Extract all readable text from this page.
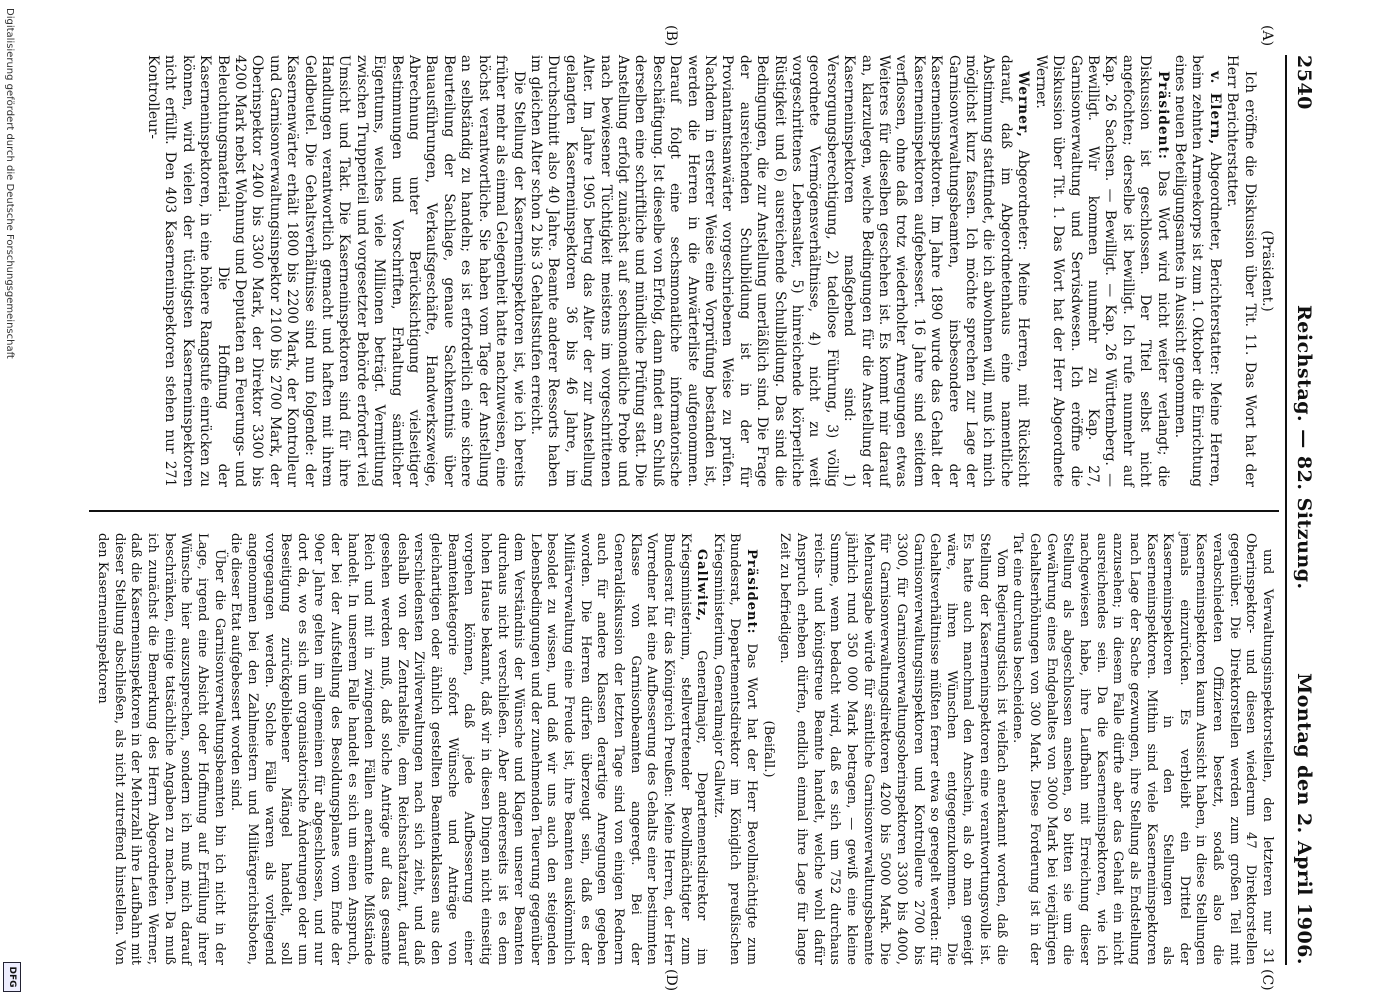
2540
Reichstag. — 82. Sitzung.
Montag den 2. April 1906.
(A)
(B)
(C)
(D)

(Präsident.)

Ich eröffne die Diskussion über Tit. 11. Das Wort hat der Herr Berichterstatter.

v. Elern, Abgeordneter, Berichterstatter: Meine Herren, beim zehnten Armeekorps ist zum 1. Oktober die Einrichtung eines neuen Beteiligungsamtes in Aussicht genommen.

Präsident: Das Wort wird nicht weiter verlangt; die Diskussion ist geschlossen. Der Titel selbst nicht angefochten; derselbe ist bewilligt. Ich rufe nunmehr auf Kap. 26 Sachsen. — Bewilligt. — Kap. 26 Württemberg. — Bewilligt. Wir kommen nunmehr zu Kap. 27, Garnisonverwaltung und Servisdwesen. Ich eröffne die Diskussion über Tit. 1. Das Wort hat der Herr Abgeordnete Werner.

Werner, Abgeordneter: Meine Herren, mit Rücksicht darauf, daß im Abgeordnetenhaus eine namentliche Abstimmung stattfindet, die ich abwohnen will, muß ich mich möglichst kurz fassen. Ich möchte sprechen zur Lage der Garnisonverwaltungsbeamten, insbesondere der Kaserneninspektoren. Im Jahre 1890 wurde das Gehalt der Kaserneninspektoren aufgebessert. 16 Jahre sind seitdem verflossen, ohne daß trotz wiederholter Anregungen etwas Weiteres für dieselben geschehen ist. Es kommt mir darauf an, klarzulegen, welche Bedingungen für die Anstellung der Kaserneninspektoren maßgebend sind: 1) Versorgungsberechtigung, 2) tadellose Führung, 3) völlig geordnete Vermögensverhältnisse, 4) nicht zu weit vorgeschrittenes Lebensalter, 5) hinreichende körperliche Rüstigkeit und 6) ausreichende Schulbildung. Das sind die Bedingungen, die zur Anstellung unerläßlich sind. Die Frage der ausreichenden Schulbildung ist in der für Proviantamtsanwärter vorgeschriebenen Weise zu prüfen. Nachdem in ersterer Weise eine Vorprüfung bestanden ist, werden die Herren in die Anwärterliste aufgenommen. Darauf folgt eine sechsmonatliche informatorische Beschäftigung. Ist dieselbe von Erfolg, dann findet am Schluß derselben eine schriftliche und mündliche Prüfung statt. Die Anstellung erfolgt zunächst auf sechsmonatliche Probe und nach bewiesener Tüchtigkeit meistens im vorgeschrittenen Alter. Im Jahre 1905 betrug das Alter der zur Anstellung gelangten Kaserneninspektoren 36 bis 46 Jahre, im Durchschnitt also 40 Jahre. Beamte anderer Ressorts haben im gleichen Alter schon 2 bis 3 Gehaltsstufen erreicht.

Die Stellung der Kaserneninspektoren ist, wie ich bereits früher mehr als einmal Gelegenheit hatte nachzuweisen, eine höchst verantwortliche. Sie haben vom Tage der Anstellung an selbständig zu handeln; es ist erforderlich eine sichere Beurteilung der Sachlage, genaue Sachkenntnis über Bauausführungen, Verkaufsgeschäfte, Handwerkszweige, Abrechnung unter Berücksichtigung vielseitiger Bestimmungen und Vorschriften, Erhaltung sämtlicher Eigentums, welches viele Millionen beträgt. Vermittlung zwischen Truppenteil und vorgesetzter Behörde erfordert viel Umsicht und Takt. Die Kaserneninspektoren sind für ihre Handlungen verantwortlich gemacht und haften mit ihrem Geldbeutel. Die Gehaltsverhältnisse sind nun folgende: der Kasernenwärter erhält 1800 bis 2200 Mark, der Kontrolleur und Garnisonverwaltungsinspektor 2100 bis 2700 Mark, der Oberinspektor 2400 bis 3300 Mark, der Direktor 3300 bis 4200 Mark nebst Wohnung und Deputaten an Feuerungs- und Beleuchtungsmaterial. Die Hoffnung der Kaserneninspektoren, in eine höhere Rangstufe einrücken zu können, wird vielen der tüchtigsten Kaserneninspektoren nicht erfüllt. Den 403 Kaserneninspektoren stehen nur 271 Kontrolleur-

und Verwaltungsinspektorstellen, den letzteren nur 31 Oberinspektor- und diesen wiederum 47 Direktorstellen gegenüber. Die Direktorstellen werden zum großen Teil mit verabschiedeten Offizieren besetzt, sodaß also die Kaserneninspektoren kaum Aussicht haben, in diese Stellungen jemals einzurücken. Es verbleibt ein Drittel der Kaserneninspektoren in den Stellungen als Kaserneninspektoren. Mithin sind viele Kaserneninspektoren nach Lage der Sache gezwungen, ihre Stellung als Endstellung anzusehen; in diesem Falle dürfte aber das Gehalt ein nicht ausreichendes sein. Da die Kaserneninspektoren, wie ich nachgewiesen habe, ihre Laufbahn mit Erreichung dieser Stellung als abgeschlossen ansehen, so bitten sie um die Gewährung eines Endgehaltes von 3000 Mark bei vierjährigen Gehaltserhöhungen von 300 Mark. Diese Forderung ist in der Tat eine durchaus bescheidene.

Vom Regierungstisch ist vielfach anerkannt worden, daß die Stellung der Kaserneninspektoren eine verantwortungsvolle ist. Es hatte auch manchmal den Anschein, als ob man geneigt wäre, ihren Wünschen entgegenzukommen. Die Gehaltsverhältnisse müßten ferner etwa so geregelt werden: für Garnisonverwaltungsinspektoren und Kontrolleure 2700 bis 3300, für Garnisonverwaltungsoberinspektoren 3300 bis 4000, für Garnisonverwaltungsdirektoren 4200 bis 5000 Mark. Die Mehrausgabe würde für sämtliche Garnisonverwaltungsbeamte jährlich rund 350 000 Mark betragen, — gewiß eine kleine Summe, wenn bedacht wird, daß es sich um 752 durchaus reichs- und königstreue Beamte handelt, welche wohl dafür Anspruch erheben dürfen, endlich einmal ihre Lage für lange Zeit zu befriedigen.

(Beifall.)

Präsident: Das Wort hat der Herr Bevollmächtigte zum Bundesrat, Departementsdirektor im Königlich preußischen Kriegsministerium, Generalmajor Gallwitz.

Gallwitz, Generalmajor, Departementsdirektor im Kriegsministerium, stellvertretender Bevollmächtigter zum Bundesrat für das Königreich Preußen: Meine Herren, der Herr Vorredner hat eine Aufbesserung des Gehalts einer bestimmten Klasse von Garnisonbeamten angeregt. Bei der Generaldiskussion der letzten Tage sind von einigen Rednern auch für andere Klassen derartige Anregungen gegeben worden. Die Herren dürfen überzeugt sein, daß es der Militärverwaltung eine Freude ist, ihre Beamten auskömmlich besoldet zu wissen, und daß wir uns auch den steigenden Lebensbedingungen und der zunehmenden Teuerung gegenüber dem Verständnis der Wünsche und Klagen unserer Beamten durchaus nicht verschließen. Aber andererseits ist es dem hohen Hause bekannt, daß wir in diesen Dingen nicht einseitig vorgehen können, daß jede Aufbesserung einer Beamtenkategorie sofort Wünsche und Anträge von gleichartigen oder ähnlich gestellten Beamtenklassen aus den verschiedensten Zivilverwaltungen nach sich zieht, und daß deshalb von der Zentralstelle, dem Reichsschatzamt, darauf gesehen werden muß, daß solche Anträge auf das gesamte Reich und mit in zwingenden Fällen anerkannte Mißstände handelt. In unserem Falle handelt es sich um einen Anspruch, der bei der Aufstellung des Besoldungsplanes vom Ende der 90er Jahre gelten im allgemeinen für abgeschlossen, und nur dort da, wo es sich um organisatorische Änderungen oder um Beseitigung zurückgebliebener Mängel handelt, soll vorgegangen werden. Solche Fälle waren als vorliegend angenommen bei den Zahlmeistern und Militärgerichtsboten, die dieser Etat aufgebessert worden sind.

Über die Garnisonverwaltungsbeamten bin ich nicht in der Lage, irgend eine Absicht oder Hoffnung auf Erfüllung ihrer Wünsche hier auszusprechen, sondern ich muß mich darauf beschränken, einige tatsächliche Angaben zu machen. Da muß ich zunächst die Bemerkung des Herrn Abgeordneten Werner, daß die Kaserneninspektoren in der Mehrzahl ihre Laufbahn mit dieser Stellung abschließen, als nicht zutreffend hinstellen. Von den Kaserneninspektoren

Digitalisierung gefördert durch die Deutsche Forschungsgemeinschaft
DFG
